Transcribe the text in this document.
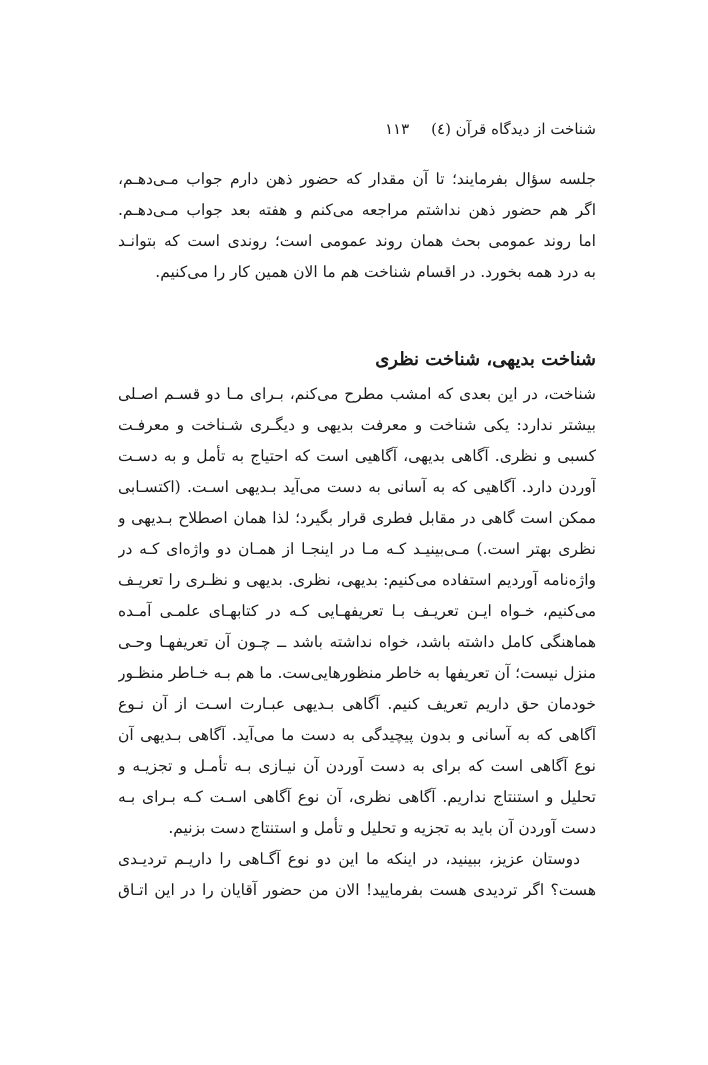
شناخت از دیدگاه قرآن (٤)
۱۱۳
جلسه سؤال بفرمایند؛ تا آن مقدار که حضور ذهن دارم جواب مـی‌دهـم،
اگر هم حضور ذهن نداشتم مراجعه می‌کنم و هفته بعد جواب مـی‌دهـم.
اما روند عمومی بحث همان روند عمومی است؛ روندی است که بتوانـد
به درد همه بخورد. در اقسام شناخت هم ما الان همین کار را می‌کنیم.
شناخت بدیهی، شناخت نظری
شناخت، در این بعدی که امشب مطرح می‌کنم، بـرای مـا دو قسـم اصـلی
بیشتر ندارد: یکی شناخت و معرفت بدیهی و دیگـری شـناخت و معرفـت
کسبی و نظری. آگاهی بدیهی، آگاهیی است که احتیاج به تأمل و به دسـت
آوردن دارد. آگاهیی که به آسانی به دست می‌آید بـدیهی اسـت. (اکتسـابی
ممکن است گاهی در مقابل فطری قرار بگیرد؛ لذا همان اصطلاح بـدیهی و
نظری بهتر است.) مـی‌بینیـد کـه مـا در اینجـا از همـان دو واژه‌ای کـه در
واژه‌نامه آوردیم استفاده می‌کنیم: بدیهی، نظری. بدیهی و نظـری را تعریـف
می‌کنیم، خـواه ایـن تعریـف بـا تعریفهـایی کـه در کتابهـای علمـی آمـده
هماهنگی کامل داشته باشد، خواه نداشته باشد ــ چـون آن تعریفهـا وحـی
منزل نیست؛ آن تعریفها به خاطر منظورهایی‌ست. ما هم بـه خـاطر منظـور
خودمان حق داریم تعریف کنیم. آگاهی بـدیهی عبـارت اسـت از آن نـوع
آگاهی که به آسانی و بدون پیچیدگی به دست ما می‌آید. آگاهی بـدیهی آن
نوع آگاهی است که برای به دست آوردن آن نیـازی بـه تأمـل و تجزیـه و
تحلیل و استنتاج نداریم. آگاهی نظری، آن نوع آگاهی اسـت کـه بـرای بـه
دست آوردن آن باید به تجزیه و تحلیل و تأمل و استنتاج دست بزنیم.
دوستان عزیز، ببینید، در اینکه ما این دو نوع آگـاهی را داریـم تردیـدی
هست؟ اگر تردیدی هست بفرمایید! الان من حضور آقایان را در این اتـاق
